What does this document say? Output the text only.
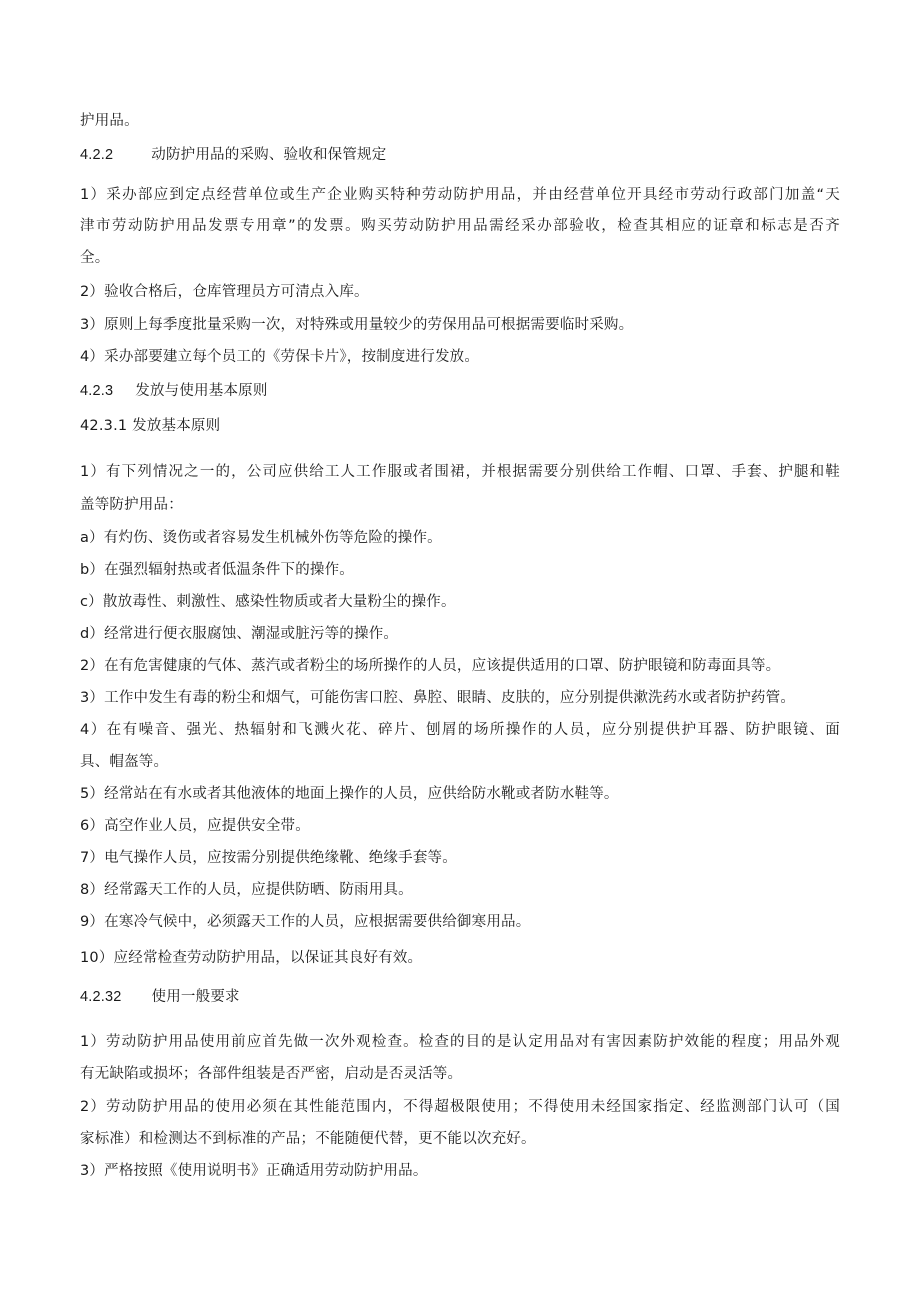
护用品。
4.2.2	动防护用品的采购、验收和保管规定
1）采办部应到定点经营单位或生产企业购买特种劳动防护用品，并由经营单位开具经市劳动行政部门加盖“天
津市劳动防护用品发票专用章”的发票。购买劳动防护用品需经采办部验收，检查其相应的证章和标志是否齐
全。
2）验收合格后，仓库管理员方可清点入库。
3）原则上每季度批量采购一次，对特殊或用量较少的劳保用品可根据需要临时采购。
4）采办部要建立每个员工的《劳保卡片》，按制度进行发放。
4.2.3 发放与使用基本原则
42.3.1 发放基本原则
1）有下列情况之一的，公司应供给工人工作服或者围裙，并根据需要分别供给工作帽、口罩、手套、护腿和鞋
盖等防护用品：
a）有灼伤、烫伤或者容易发生机械外伤等危险的操作。
b）在强烈辐射热或者低温条件下的操作。
c）散放毒性、刺激性、感染性物质或者大量粉尘的操作。
d）经常进行便衣服腐蚀、潮湿或脏污等的操作。
2）在有危害健康的气体、蒸汽或者粉尘的场所操作的人员，应该提供适用的口罩、防护眼镜和防毒面具等。
3）工作中发生有毒的粉尘和烟气，可能伤害口腔、鼻腔、眼睛、皮肤的，应分别提供漱洗药水或者防护药管。
4）在有噪音、强光、热辐射和飞溅火花、碎片、刨屑的场所操作的人员，应分别提供护耳器、防护眼镜、面
具、帽盔等。
5）经常站在有水或者其他液体的地面上操作的人员，应供给防水靴或者防水鞋等。
6）高空作业人员，应提供安全带。
7）电气操作人员，应按需分别提供绝缘靴、绝缘手套等。
8）经常露天工作的人员，应提供防晒、防雨用具。
9）在寒冷气候中，必须露天工作的人员，应根据需要供给御寒用品。
10）应经常检查劳动防护用品，以保证其良好有效。
4.2.32 使用一般要求
1）劳动防护用品使用前应首先做一次外观检查。检查的目的是认定用品对有害因素防护效能的程度；用品外观
有无缺陷或损坏；各部件组装是否严密，启动是否灵活等。
2）劳动防护用品的使用必须在其性能范围内，不得超极限使用；不得使用未经国家指定、经监测部门认可（国
家标准）和检测达不到标准的产品；不能随便代替，更不能以次充好。
3）严格按照《使用说明书》正确适用劳动防护用品。
